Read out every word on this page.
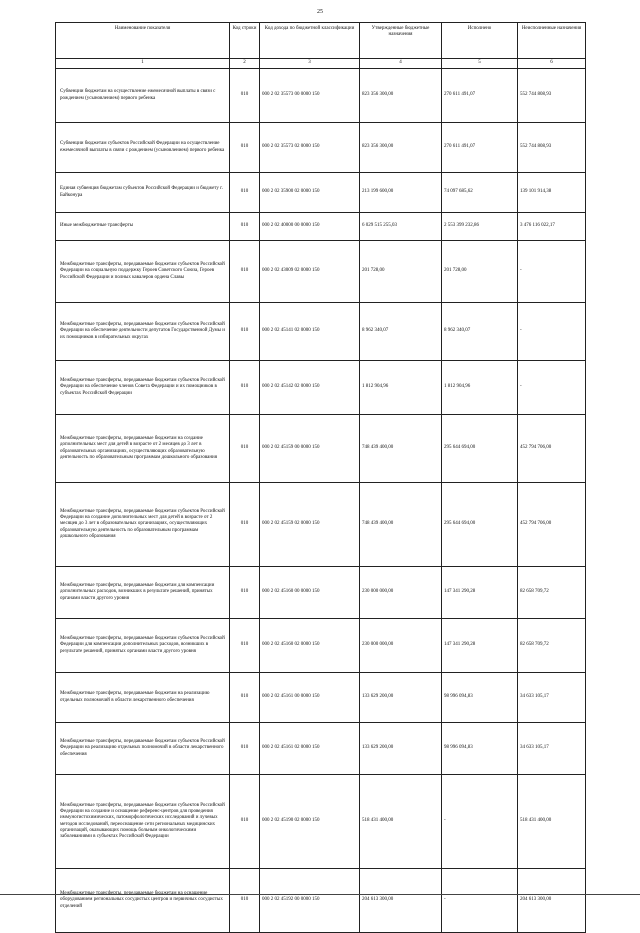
25
Наименование показателя	Код строки	Код дохода по бюджетной классификации	Утвержденные бюджетные назначения	Исполнено	Неисполненные назначения
1	2	3	4	5	6
Субвенции бюджетам на осуществление ежемесячной выплаты в связи с рождением (усыновлением) первого ребенка	010	000 2 02 35573 00 0000 150	823 356 300,00	270 611 491,07	552 744 808,93
Субвенции бюджетам субъектов Российской Федерации на осуществление ежемесячной выплаты в связи с рождением (усыновлением) первого ребенка	010	000 2 02 35573 02 0000 150	823 356 300,00	270 611 491,07	552 744 808,93
Единая субвенция бюджетам субъектов Российской Федерации и бюджету г. Байконура	010	000 2 02 35900 02 0000 150	213 199 600,00	74 097 685,62	139 101 914,38
Иные межбюджетные трансферты	010	000 2 02 40000 00 0000 150	6 029 515 255,03	2 553 399 232,86	3 476 116 022,17
Межбюджетные трансферты, передаваемые бюджетам субъектов Российской Федерации на социальную поддержку Героев Советского Союза, Героев Российской Федерации и полных кавалеров ордена Славы	010	000 2 02 43009 02 0000 150	201 728,00	201 728,00	-
Межбюджетные трансферты, передаваемые бюджетам субъектов Российской Федерации на обеспечение деятельности депутатов Государственной Думы и их помощников в избирательных округах	010	000 2 02 45141 02 0000 150	8 962 340,07	8 962 340,07	-
Межбюджетные трансферты, передаваемые бюджетам субъектов Российской Федерации на обеспечение членов Совета Федерации и их помощников в субъектах Российской Федерации	010	000 2 02 45142 02 0000 150	1 812 904,96	1 812 904,96	-
Межбюджетные трансферты, передаваемые бюджетам на создание дополнительных мест для детей в возрасте от 2 месяцев до 3 лет в образовательных организациях, осуществляющих образовательную деятельность по образовательным программам дошкольного образования	010	000 2 02 45159 00 0000 150	748 439 400,00	295 644 694,00	452 794 706,00
Межбюджетные трансферты, передаваемые бюджетам субъектов Российской Федерации на создание дополнительных мест для детей в возрасте от 2 месяцев до 3 лет в образовательных организациях, осуществляющих образовательную деятельность по образовательным программам дошкольного образования	010	000 2 02 45159 02 0000 150	748 439 400,00	295 644 694,00	452 794 706,00
Межбюджетные трансферты, передаваемые бюджетам для компенсации дополнительных расходов, возникших в результате решений, принятых органами власти другого уровня	010	000 2 02 45160 00 0000 150	230 000 000,00	147 341 290,28	82 658 709,72
Межбюджетные трансферты, передаваемые бюджетам субъектов Российской Федерации для компенсации дополнительных расходов, возникших в результате решений, принятых органами власти другого уровня	010	000 2 02 45160 02 0000 150	230 000 000,00	147 341 290,28	82 658 709,72
Межбюджетные трансферты, передаваемые бюджетам на реализацию отдельных полномочий в области лекарственного обеспечения	010	000 2 02 45161 00 0000 150	133 629 200,00	98 996 094,83	34 633 105,17
Межбюджетные трансферты, передаваемые бюджетам субъектов Российской Федерации на реализацию отдельных полномочий в области лекарственного обеспечения	010	000 2 02 45161 02 0000 150	133 629 200,00	98 996 094,83	34 633 105,17
Межбюджетные трансферты, передаваемые бюджетам субъектов Российской Федерации на создание и оснащение референс-центров для проведения иммуногистохимических, патоморфологических исследований и лучевых методов исследований, переоснащение сети региональных медицинских организаций, оказывающих помощь больным онкологическими заболеваниями в субъектах Российской Федерации	010	000 2 02 45190 02 0000 150	518 431 400,00	-	518 431 400,00
Межбюджетные трансферты, передаваемые бюджетам на оснащение оборудованием региональных сосудистых центров и первичных сосудистых отделений	010	000 2 02 45192 00 0000 150	204 613 300,00	-	204 613 300,00
